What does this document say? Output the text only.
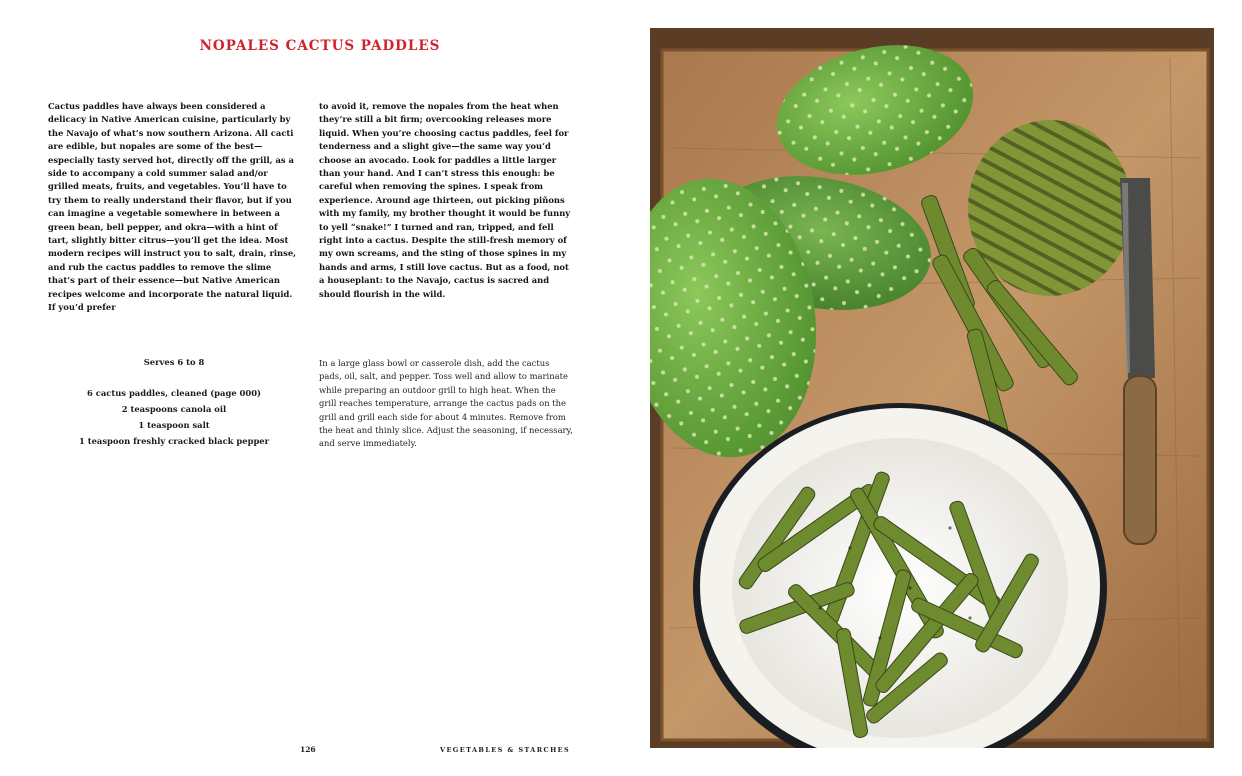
NOPALES CACTUS PADDLES

Cactus paddles have always been considered a delicacy in Native American cuisine, particularly by the Navajo of what’s now southern Arizona. All cacti are edible, but nopales are some of the best—especially tasty served hot, directly off the grill, as a side to accompany a cold summer salad and/or grilled meats, fruits, and vegetables. You’ll have to try them to really understand their flavor, but if you can imagine a vegetable somewhere in between a green bean, bell pepper, and okra—with a hint of tart, slightly bitter citrus—you’ll get the idea. Most modern recipes will instruct you to salt, drain, rinse, and rub the cactus paddles to remove the slime that’s part of their essence—but Native American recipes welcome and incorporate the natural liquid. If you’d prefer

to avoid it, remove the nopales from the heat when they’re still a bit firm; overcooking releases more liquid. When you’re choosing cactus paddles, feel for tenderness and a slight give—the same way you’d choose an avocado. Look for paddles a little larger than your hand. And I can’t stress this enough: be careful when removing the spines. I speak from experience. Around age thirteen, out picking piñons with my family, my brother thought it would be funny to yell “snake!” I turned and ran, tripped, and fell right into a cactus. Despite the still-fresh memory of my own screams, and the sting of those spines in my hands and arms, I still love cactus. But as a food, not a houseplant: to the Navajo, cactus is sacred and should flourish in the wild.

Serves 6 to 8
6 cactus paddles, cleaned (page 000)
2 teaspoons canola oil
1 teaspoon salt
1 teaspoon freshly cracked black pepper
In a large glass bowl or casserole dish, add the cactus pads, oil, salt, and pepper. Toss well and allow to marinate while preparing an outdoor grill to high heat. When the grill reaches temperature, arrange the cactus pads on the grill and grill each side for about 4 minutes. Remove from the heat and thinly slice. Adjust the seasoning, if necessary, and serve immediately.
126	VEGETABLES & STARCHES
